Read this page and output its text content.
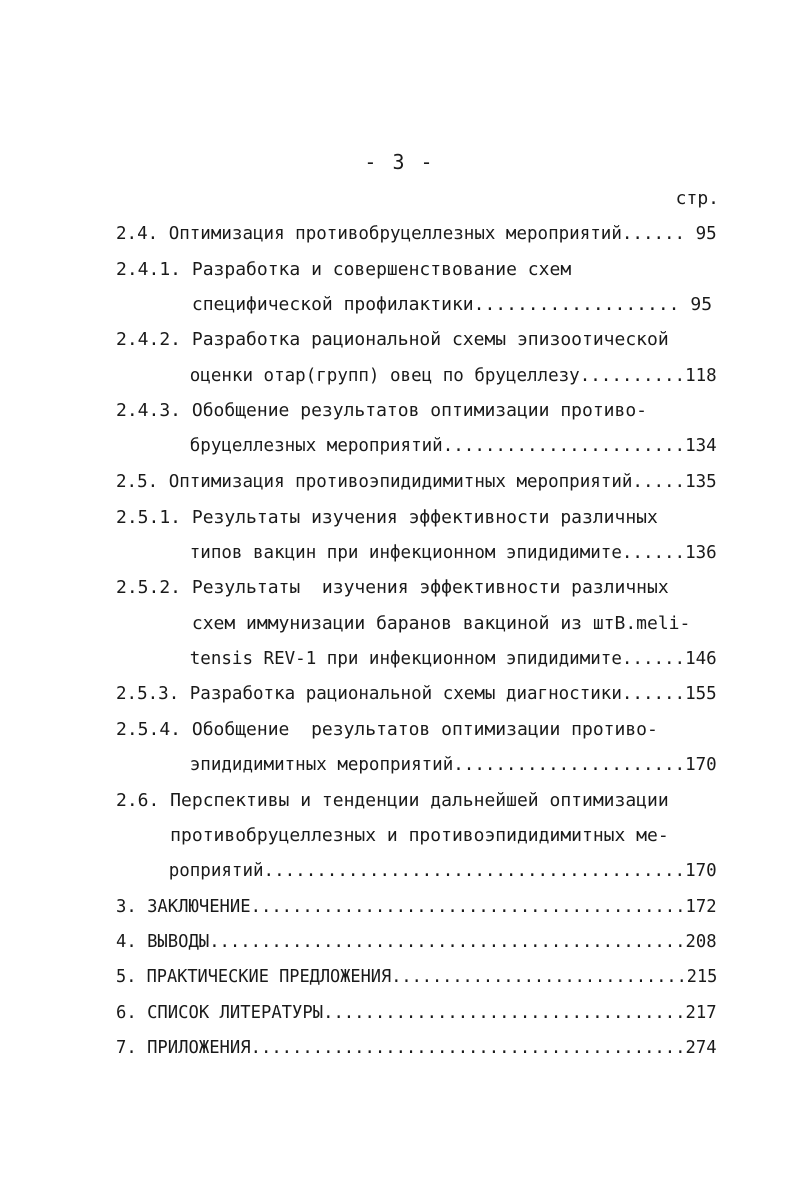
- 3 -
стр.
2.4. Оптимизация противобруцеллезных мероприятий...... 95
2.4.1. Разработка и совершенствование схем
специфической профилактики................... 95
2.4.2. Разработка рациональной схемы эпизоотической
оценки отар(групп) овец по бруцеллезу..........118
2.4.3. Обобщение результатов оптимизации противо-
бруцеллезных мероприятий.......................134
2.5. Оптимизация противоэпидидимитных мероприятий.....135
2.5.1. Результаты изучения эффективности различных
типов вакцин при инфекционном эпидидимите......136
2.5.2. Результаты  изучения эффективности различных
схем иммунизации баранов вакциной из штB.meli-
tensis REV-1 при инфекционном эпидидимите......146
2.5.3. Разработка рациональной схемы диагностики......155
2.5.4. Обобщение  результатов оптимизации противо-
эпидидимитных мероприятий......................170
2.6. Перспективы и тенденции дальнейшей оптимизации
противобруцеллезных и противоэпидидимитных ме-
роприятий........................................170
3. ЗАКЛЮЧЕНИЕ..........................................172
4. ВЫВОДЫ..............................................208
5. ПРАКТИЧЕСКИЕ ПРЕДЛОЖЕНИЯ.............................215
6. СПИСОК ЛИТЕРАТУРЫ...................................217
7. ПРИЛОЖЕНИЯ..........................................274
